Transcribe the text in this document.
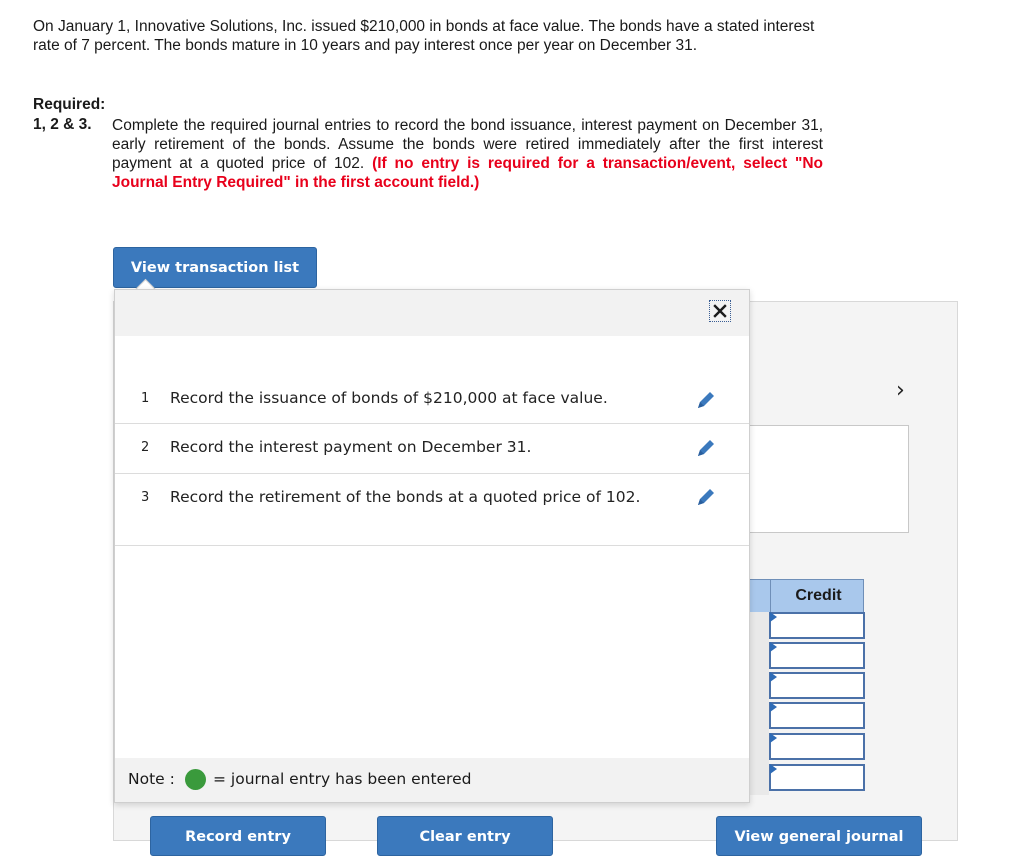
On January 1, Innovative Solutions, Inc. issued $210,000 in bonds at face value. The bonds have a stated interest rate of 7 percent. The bonds mature in 10 years and pay interest once per year on December 31.
Required:
1, 2 & 3. Complete the required journal entries to record the bond issuance, interest payment on December 31, early retirement of the bonds. Assume the bonds were retired immediately after the first interest payment at a quoted price of 102. (If no entry is required for a transaction/event, select "No Journal Entry Required" in the first account field.)
›
Credit
View transaction list
1 Record the issuance of bonds of $210,000 at face value.
2 Record the interest payment on December 31.
3 Record the retirement of the bonds at a quoted price of 102.
Note : = journal entry has been entered
Record entry	Clear entry	View general journal
